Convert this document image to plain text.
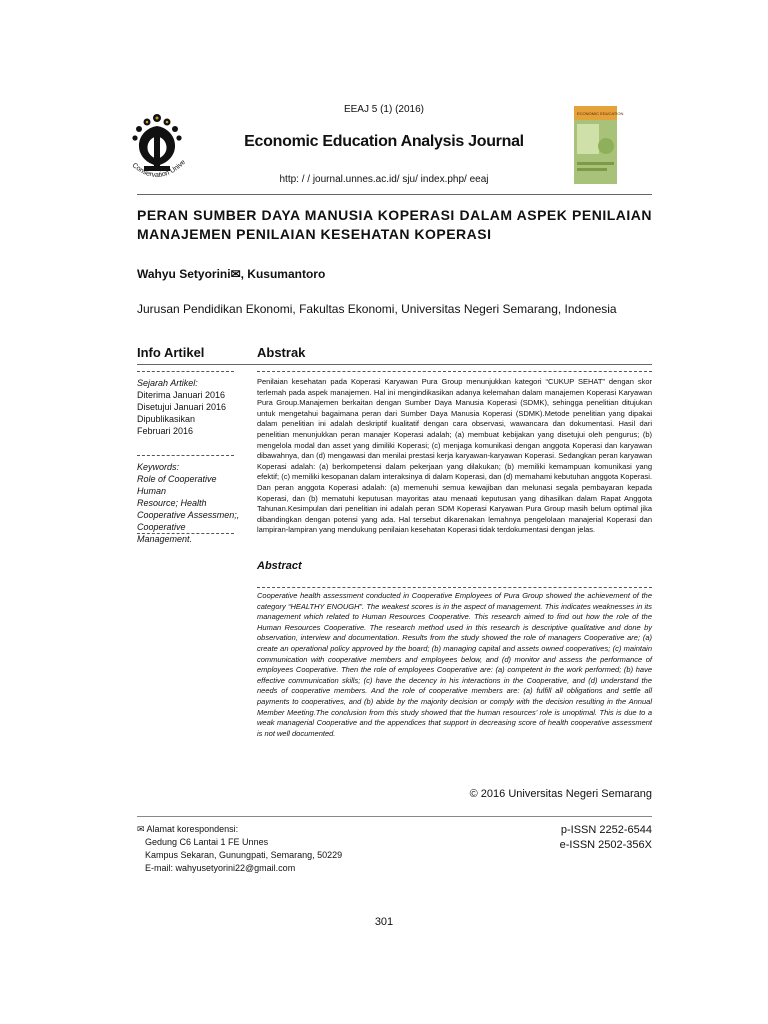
EEAJ 5 (1) (2016)
Conservation Unive
Economic Education Analysis Journal
ECONOMIC EDUCATION
http: / / journal.unnes.ac.id/ sju/ index.php/ eeaj
PERAN SUMBER DAYA MANUSIA KOPERASI DALAM ASPEK PENILAIAN MANAJEMEN PENILAIAN KESEHATAN KOPERASI
Wahyu Setyorini✉, Kusumantoro
Jurusan Pendidikan Ekonomi, Fakultas Ekonomi, Universitas Negeri Semarang, Indonesia
Info Artikel
Sejarah Artikel:
Diterima Januari 2016
Disetujui Januari 2016
Dipublikasikan
Februari 2016
Keywords:
Role of Cooperative Human
Resource; Health
Cooperative Assessmen;,
Cooperative Management.
Abstrak
Penilaian kesehatan pada Koperasi Karyawan Pura Group menunjukkan kategori “CUKUP SEHAT” dengan skor terlemah pada aspek manajemen. Hal ini mengindikasikan adanya kelemahan dalam manajemen Koperasi Karyawan Pura Group.Manajemen berkaitan dengan Sumber Daya Manusia Koperasi (SDMK), sehingga penelitian ditujukan untuk mengetahui bagaimana peran dari Sumber Daya Manusia Koperasi (SDMK).Metode penelitian yang dipakai dalam penelitian ini adalah deskriptif kualitatif dengan cara observasi, wawancara dan dokumentasi. Hasil dari penelitian menunjukkan peran manajer Koperasi adalah; (a) membuat kebijakan yang disetujui oleh pengurus; (b) mengelola modal dan asset yang dimiliki Koperasi; (c) menjaga komunikasi dengan anggota Koperasi dan karyawan dibawahnya, dan (d) mengawasi dan menilai prestasi kerja karyawan-karyawan Koperasi. Sedangkan peran karyawan Koperasi adalah: (a) berkompetensi dalam pekerjaan yang dilakukan; (b) memiliki kemampuan komunikasi yang efektif; (c) memiliki kesopanan dalam interaksinya di dalam Koperasi, dan (d) memahami kebutuhan anggota Koperasi. Dan peran anggota Koperasi adalah: (a) memenuhi semua kewajiban dan melunasi segala pembayaran kepada Koperasi, dan (b) mematuhi keputusan mayoritas atau menaati keputusan yang dihasilkan dalam Rapat Anggota Tahunan.Kesimpulan dari penelitian ini adalah peran SDM Koperasi Karyawan Pura Group masih belum optimal jika dibandingkan dengan potensi yang ada. Hal tersebut dikarenakan lemahnya pengelolaan manajerial Koperasi dan lampiran-lampiran yang mendukung penilaian kesehatan Koperasi tidak terdokumentasi dengan jelas.
Abstract
Cooperative health assessment conducted in Cooperative Employees of Pura Group showed the achievement of the category “HEALTHY ENOUGH”. The weakest scores is in the aspect of management. This indicates weaknesses in its management which related to Human Resources Cooperative. This research aimed to find out how the role of the Human Resources Cooperative. The research method used in this research is descriptive qualitative and done by observation, interview and documentation. Results from the study showed the role of managers Cooperative are; (a) create an operational policy approved by the board; (b) managing capital and assets owned cooperatives; (c) maintain communication with cooperative members and employees below, and (d) monitor and assess the performance of employees Cooperative. Then the role of employees Cooperative are: (a) competent in the work performed; (b) have effective communication skills; (c) have the decency in his interactions in the Cooperative, and (d) understand the needs of cooperative members. And the role of cooperative members are: (a) fulfill all obligations and settle all payments to cooperatives, and (b) abide by the majority decision or comply with the decision resulting in the Annual Member Meeting.The conclusion from this study showed that the human resources’ role is unoptimal. This is due to a weak managerial Cooperative and the appendices that support in decreasing score of health cooperative assessment is not well documented.
© 2016 Universitas Negeri Semarang
✉ Alamat korespondensi:
Gedung C6 Lantai 1 FE Unnes
Kampus Sekaran, Gunungpati, Semarang, 50229
E-mail: wahyusetyorini22@gmail.com
p-ISSN 2252-6544
e-ISSN 2502-356X
301
